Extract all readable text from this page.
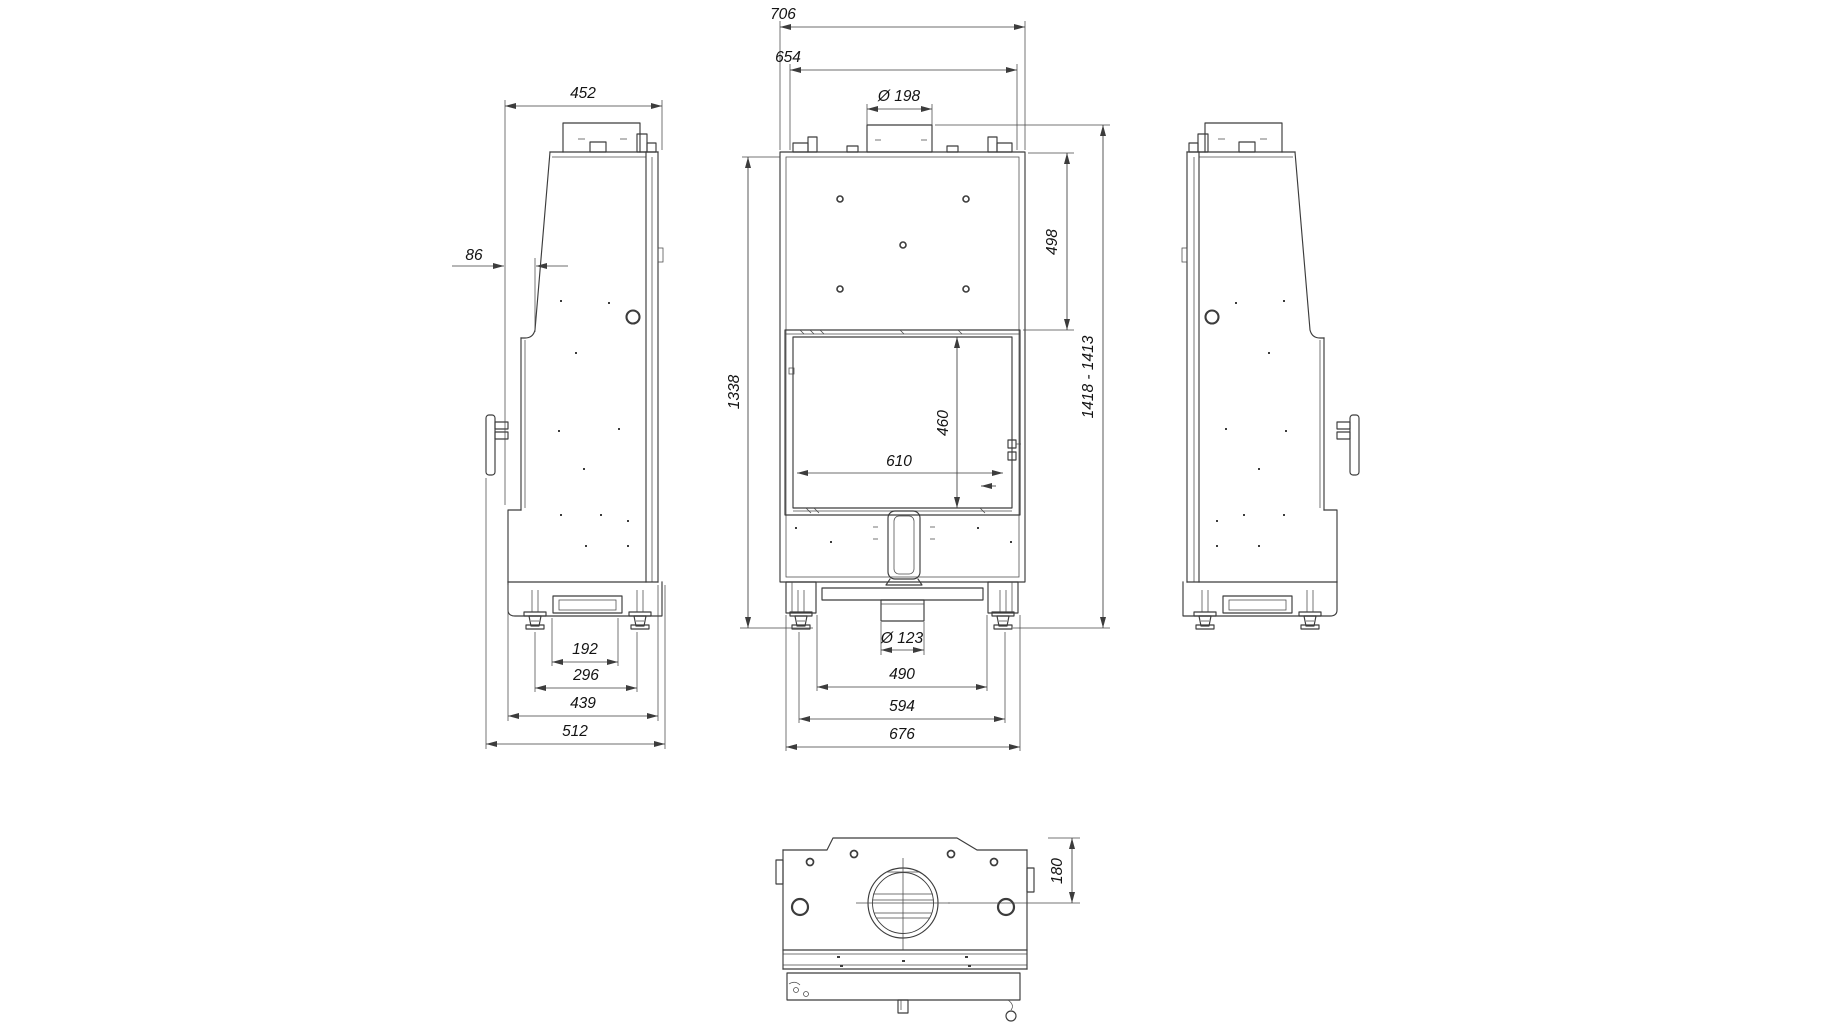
452
86
192
296
439
512
706
654
Ø 198
1338
498
1418 - 1413
460
610
Ø 123
490
594
676
180
